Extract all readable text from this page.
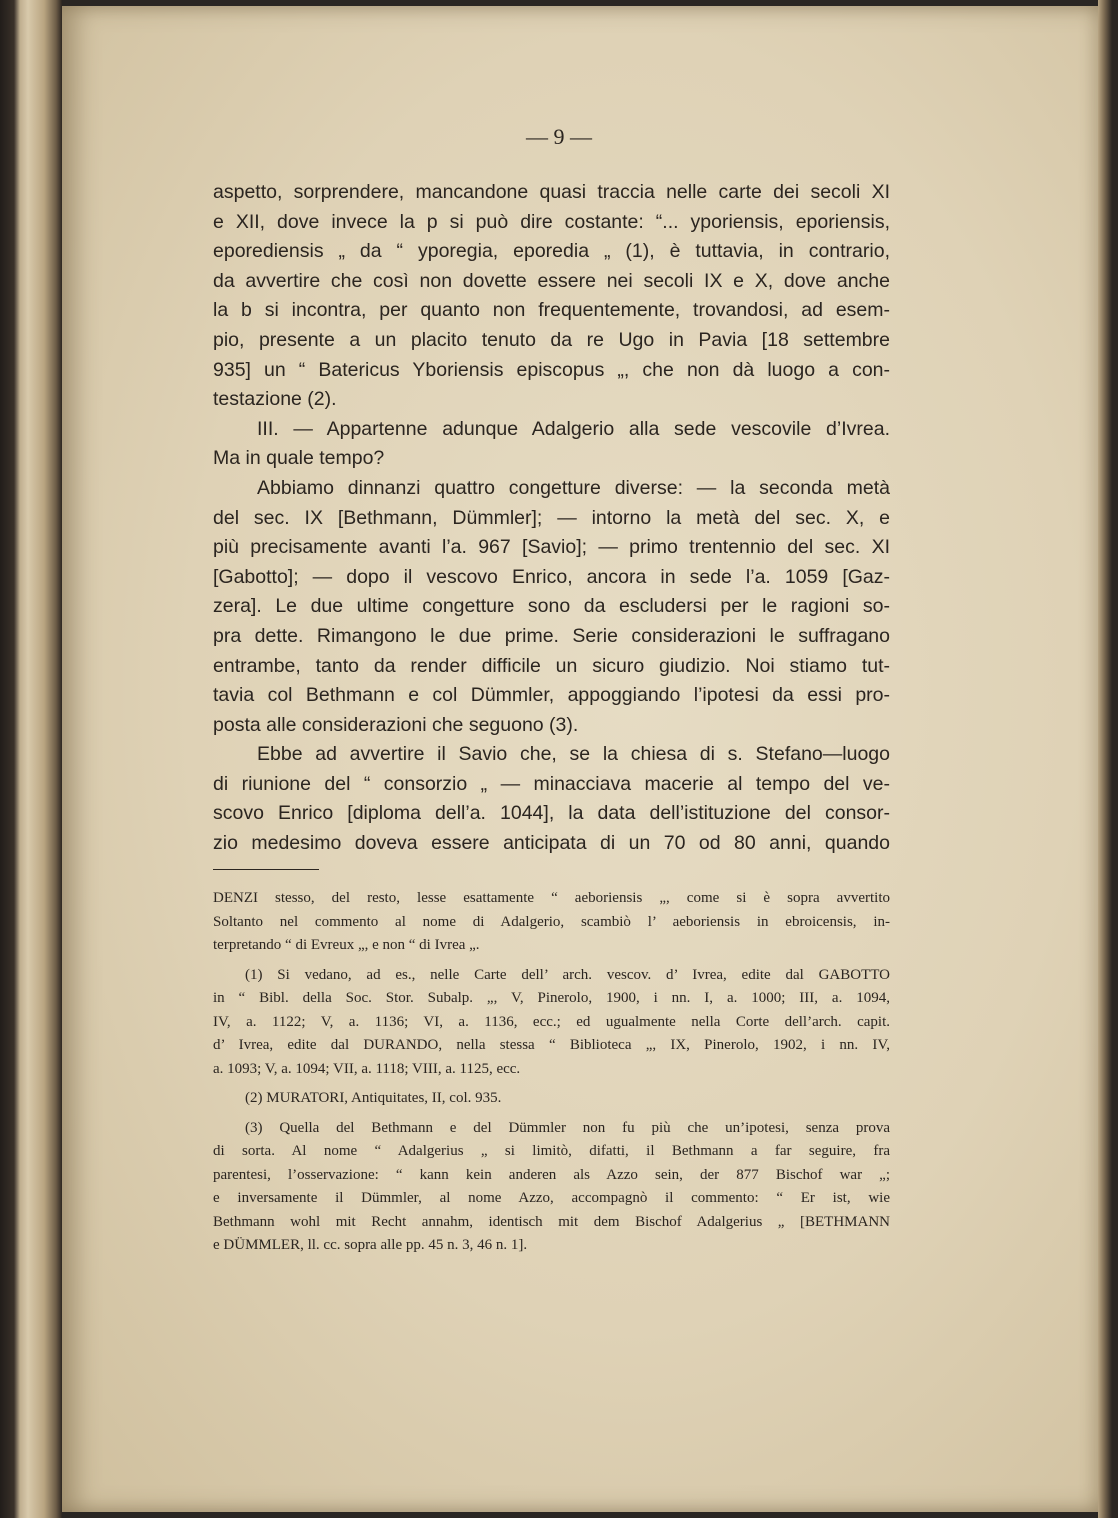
— 9 —
aspetto, sorprendere, mancandone quasi traccia nelle carte dei secoli XI
e XII, dove invece la p si può dire costante: “... yporiensis, eporiensis,
eporediensis „ da “ yporegia, eporedia „ (1), è tuttavia, in contrario,
da avvertire che così non dovette essere nei secoli IX e X, dove anche
la b si incontra, per quanto non frequentemente, trovandosi, ad esem-
pio, presente a un placito tenuto da re Ugo in Pavia [18 settembre
935] un “ Batericus Yboriensis episcopus „, che non dà luogo a con-
testazione (2).
III. — Appartenne adunque Adalgerio alla sede vescovile d’Ivrea.
Ma in quale tempo?
Abbiamo dinnanzi quattro congetture diverse: — la seconda metà
del sec. IX [Bethmann, Dümmler]; — intorno la metà del sec. X, e
più precisamente avanti l’a. 967 [Savio]; — primo trentennio del sec. XI
[Gabotto]; — dopo il vescovo Enrico, ancora in sede l’a. 1059 [Gaz-
zera]. Le due ultime congetture sono da escludersi per le ragioni so-
pra dette. Rimangono le due prime. Serie considerazioni le suffragano
entrambe, tanto da render difficile un sicuro giudizio. Noi stiamo tut-
tavia col Bethmann e col Dümmler, appoggiando l’ipotesi da essi pro-
posta alle considerazioni che seguono (3).
Ebbe ad avvertire il Savio che, se la chiesa di s. Stefano—luogo
di riunione del “ consorzio „ — minacciava macerie al tempo del ve-
scovo Enrico [diploma dell’a. 1044], la data dell’istituzione del consor-
zio medesimo doveva essere anticipata di un 70 od 80 anni, quando
DENZI stesso, del resto, lesse esattamente “ aeboriensis „, come si è sopra avvertito
Soltanto nel commento al nome di Adalgerio, scambiò l’ aeboriensis in ebroicensis, in-
terpretando “ di Evreux „, e non “ di Ivrea „.
(1) Si vedano, ad es., nelle Carte dell’ arch. vescov. d’ Ivrea, edite dal GABOTTO
in “ Bibl. della Soc. Stor. Subalp. „, V, Pinerolo, 1900, i nn. I, a. 1000; III, a. 1094,
IV, a. 1122; V, a. 1136; VI, a. 1136, ecc.; ed ugualmente nella Corte dell’arch. capit.
d’ Ivrea, edite dal DURANDO, nella stessa “ Biblioteca „, IX, Pinerolo, 1902, i nn. IV,
a. 1093; V, a. 1094; VII, a. 1118; VIII, a. 1125, ecc.
(2) MURATORI, Antiquitates, II, col. 935.
(3) Quella del Bethmann e del Dümmler non fu più che un’ipotesi, senza prova
di sorta. Al nome “ Adalgerius „ si limitò, difatti, il Bethmann a far seguire, fra
parentesi, l’osservazione: “ kann kein anderen als Azzo sein, der 877 Bischof war „;
e inversamente il Dümmler, al nome Azzo, accompagnò il commento: “ Er ist, wie
Bethmann wohl mit Recht annahm, identisch mit dem Bischof Adalgerius „ [BETHMANN
e DÜMMLER, ll. cc. sopra alle pp. 45 n. 3, 46 n. 1].
